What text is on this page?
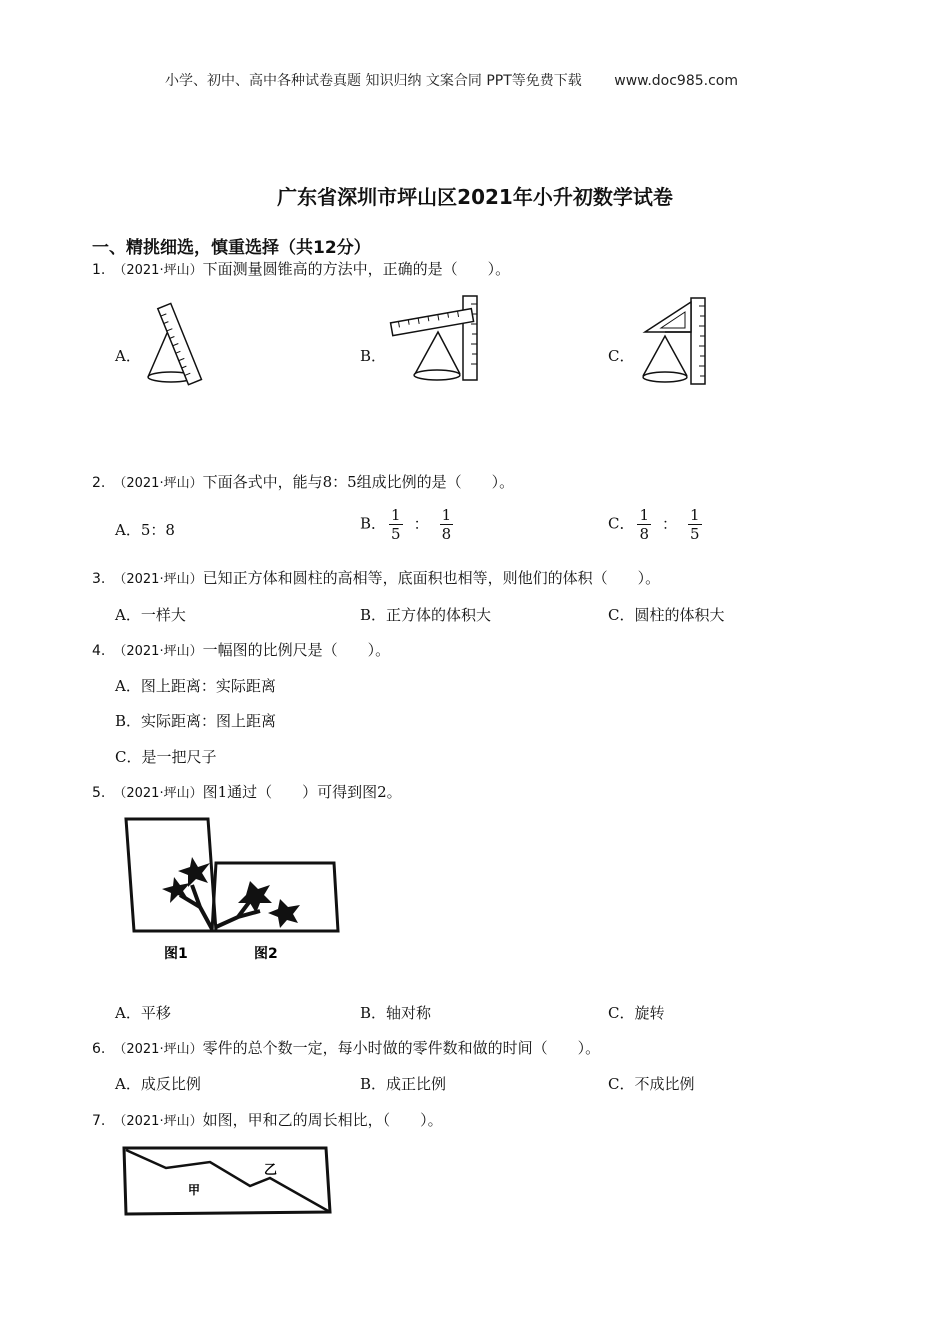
小学、初中、高中各种试卷真题 知识归纳 文案合同 PPT等免费下载 www.doc985.com
广东省深圳市坪山区2021年小升初数学试卷
一、精挑细选，慎重选择（共12分）
1. （2021·坪山）下面测量圆锥高的方法中，正确的是（　　）。
A．	B．	C．
2. （2021·坪山）下面各式中，能与8：5组成比例的是（　　）。
A．5：8	B． $\frac{1}{5}$ ： $\frac{1}{8}$	C． $\frac{1}{8}$ ： $\frac{1}{5}$
3. （2021·坪山）已知正方体和圆柱的高相等，底面积也相等，则他们的体积（　　）。
A．一样大	B．正方体的体积大	C．圆柱的体积大
4. （2021·坪山）一幅图的比例尺是（　　）。
A．图上距离：实际距离
B．实际距离：图上距离
C．是一把尺子
5. （2021·坪山）图1通过（　　）可得到图2。
图1	图2
A．平移	B．轴对称	C．旋转
6. （2021·坪山）零件的总个数一定，每小时做的零件数和做的时间（　　）。
A．成反比例	B．成正比例	C．不成比例
7. （2021·坪山）如图，甲和乙的周长相比，（　　）。
甲
乙
